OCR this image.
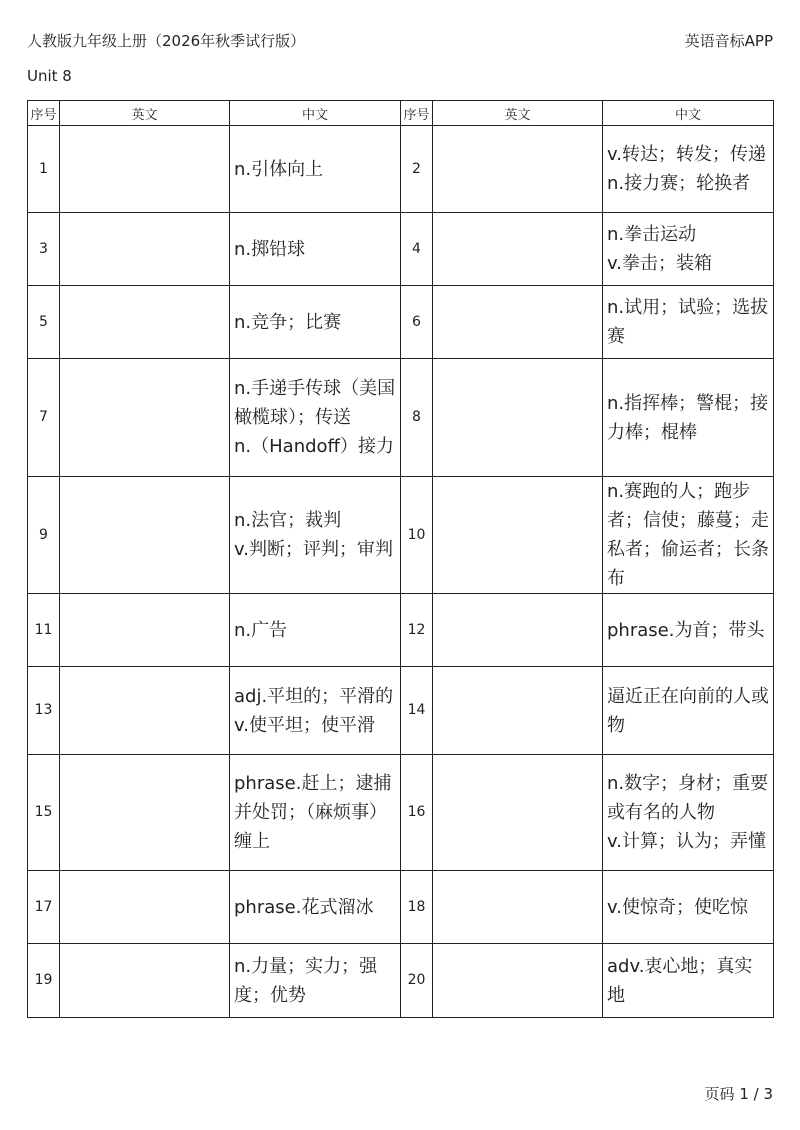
人教版九年级上册（2026年秋季试行版）	英语音标APP
Unit 8
序号	英文	中文	序号	英文	中文
1		n.引体向上	2		v.转达；转发；传递
n.接力赛；轮换者
3		n.掷铅球	4		n.拳击运动
v.拳击；装箱
5		n.竞争；比赛	6		n.试用；试验；选拔赛
7		n.手递手传球（美国橄榄球）；传送
n.（Handoff）接力	8		n.指挥棒；警棍；接力棒；棍棒
9		n.法官；裁判
v.判断；评判；审判	10		n.赛跑的人；跑步者；信使；藤蔓；走私者；偷运者；长条布
11		n.广告	12		phrase.为首；带头
13		adj.平坦的；平滑的
v.使平坦；使平滑	14		逼近正在向前的人或物
15		phrase.赶上；逮捕并处罚；（麻烦事）缠上	16		n.数字；身材；重要或有名的人物
v.计算；认为；弄懂
17		phrase.花式溜冰	18		v.使惊奇；使吃惊
19		n.力量；实力；强度；优势	20		adv.衷心地；真实地
页码 1 / 3
